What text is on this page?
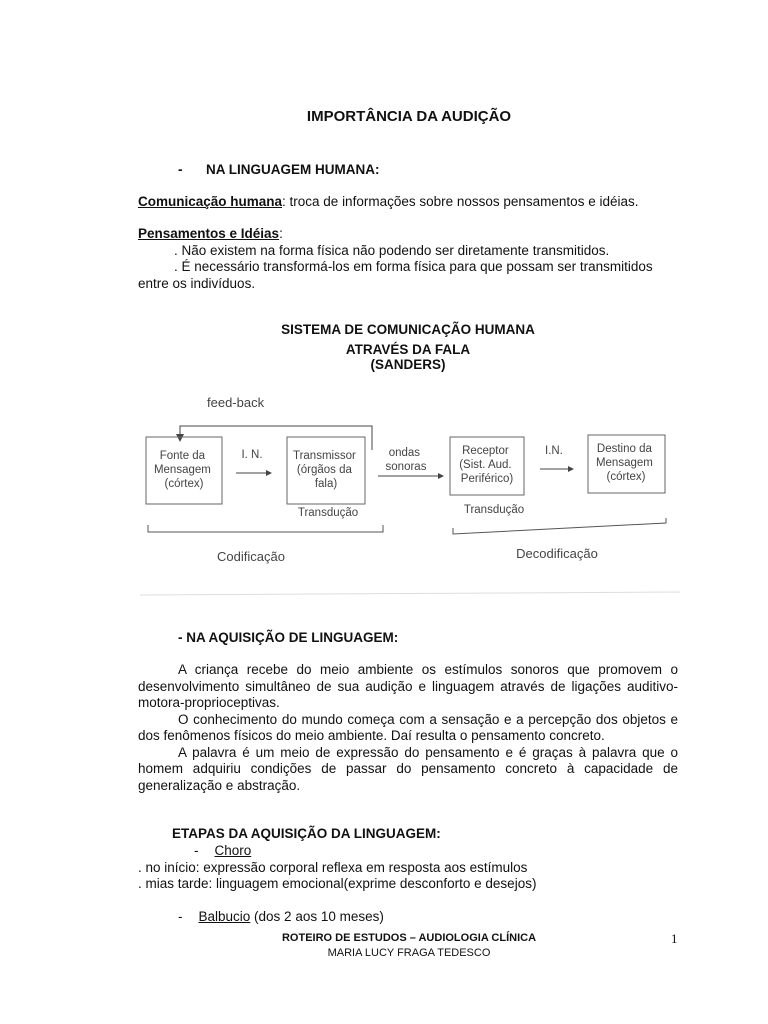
IMPORTÂNCIA DA AUDIÇÃO
- NA LINGUAGEM HUMANA:
Comunicação humana: troca de informações sobre nossos pensamentos e idéias.
Pensamentos e Idéias:
. Não existem na forma física não podendo ser diretamente transmitidos.
. É necessário transformá-los em forma física para que possam ser transmitidos
entre os indivíduos.
SISTEMA DE COMUNICAÇÃO HUMANA
ATRAVÉS DA FALA
(SANDERS)
feed-back
Fonte da Mensagem (córtex)
I. N.	Transmissor (órgãos da fala)
ondas sonoras
Receptor (Sist. Aud. Periférico)
I.N.	Destino da Mensagem (córtex)
Transdução	Transdução
Codificação	Decodificação
- NA AQUISIÇÃO DE LINGUAGEM:
A criança recebe do meio ambiente os estímulos sonoros que promovem o desenvolvimento simultâneo de sua audição e linguagem através de ligações auditivo-motora-proprioceptivas.
O conhecimento do mundo começa com a sensação e a percepção dos objetos e dos fenômenos físicos do meio ambiente. Daí resulta o pensamento concreto.
A palavra é um meio de expressão do pensamento e é graças à palavra que o homem adquiriu condições de passar do pensamento concreto à capacidade de generalização e abstração.
ETAPAS DA AQUISIÇÃO DA LINGUAGEM:
- Choro
. no início: expressão corporal reflexa em resposta aos estímulos
. mias tarde: linguagem emocional(exprime desconforto e desejos)
- Balbucio (dos 2 aos 10 meses)
ROTEIRO DE ESTUDOS – AUDIOLOGIA CLÍNICA
MARIA LUCY FRAGA TEDESCO
1
